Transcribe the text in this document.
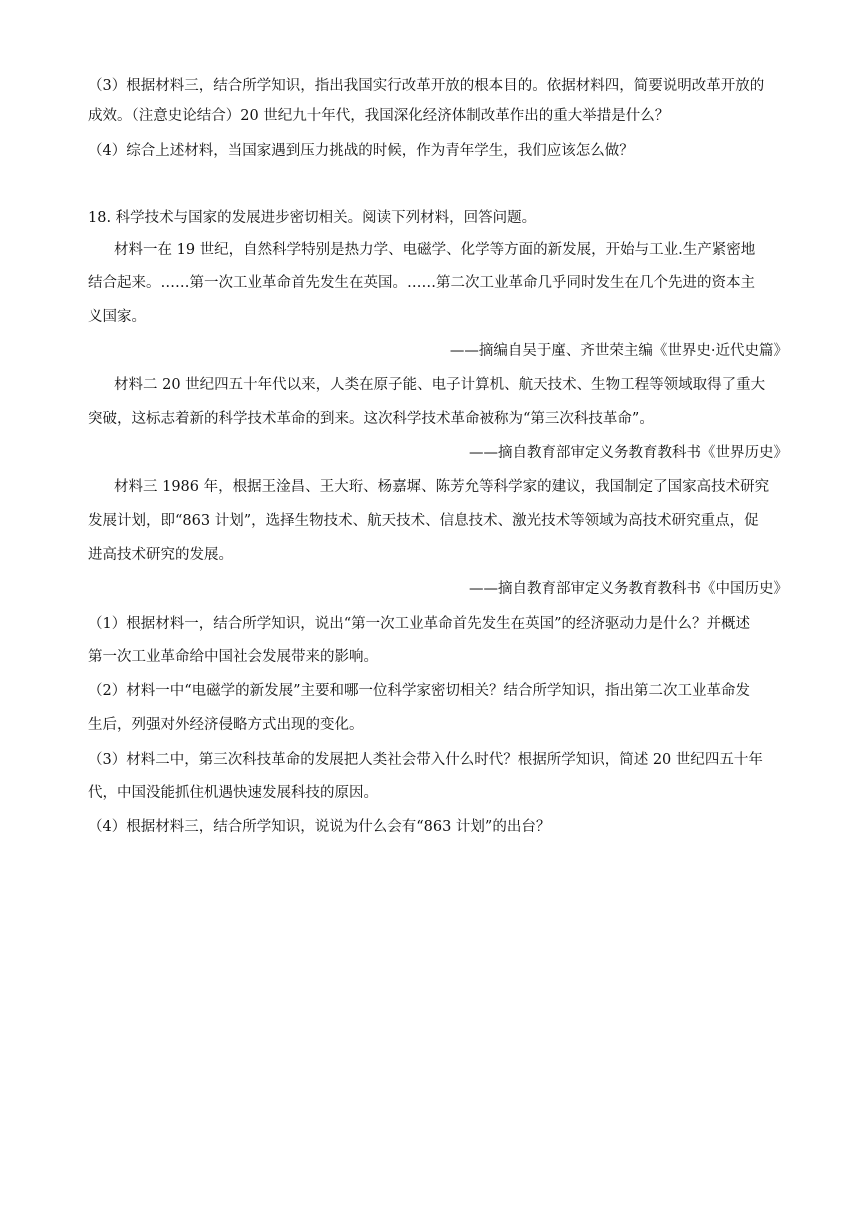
（3）根据材料三，结合所学知识，指出我国实行改革开放的根本目的。依据材料四，简要说明改革开放的
成效。（注意史论结合）20 世纪九十年代，我国深化经济体制改革作出的重大举措是什么？
（4）综合上述材料，当国家遇到压力挑战的时候，作为青年学生，我们应该怎么做？
18. 科学技术与国家的发展进步密切相关。阅读下列材料，回答问题。
材料一在 19 世纪，自然科学特别是热力学、电磁学、化学等方面的新发展，开始与工业.生产紧密地
结合起来。……第一次工业革命首先发生在英国。……第二次工业革命几乎同时发生在几个先进的资本主
义国家。
——摘编自吴于廑、齐世荣主编《世界史·近代史篇》
材料二 20 世纪四五十年代以来，人类在原子能、电子计算机、航天技术、生物工程等领域取得了重大
突破，这标志着新的科学技术革命的到来。这次科学技术革命被称为“第三次科技革命”。
——摘自教育部审定义务教育教科书《世界历史》
材料三 1986 年，根据王淦昌、王大珩、杨嘉墀、陈芳允等科学家的建议，我国制定了国家高技术研究
发展计划，即“863 计划”，选择生物技术、航天技术、信息技术、激光技术等领域为高技术研究重点，促
进高技术研究的发展。
——摘自教育部审定义务教育教科书《中国历史》
（1）根据材料一，结合所学知识，说出“第一次工业革命首先发生在英国”的经济驱动力是什么？并概述
第一次工业革命给中国社会发展带来的影响。
（2）材料一中“电磁学的新发展”主要和哪一位科学家密切相关？结合所学知识，指出第二次工业革命发
生后，列强对外经济侵略方式出现的变化。
（3）材料二中，第三次科技革命的发展把人类社会带入什么时代？根据所学知识，简述 20 世纪四五十年
代，中国没能抓住机遇快速发展科技的原因。
（4）根据材料三，结合所学知识，说说为什么会有“863 计划”的出台？
